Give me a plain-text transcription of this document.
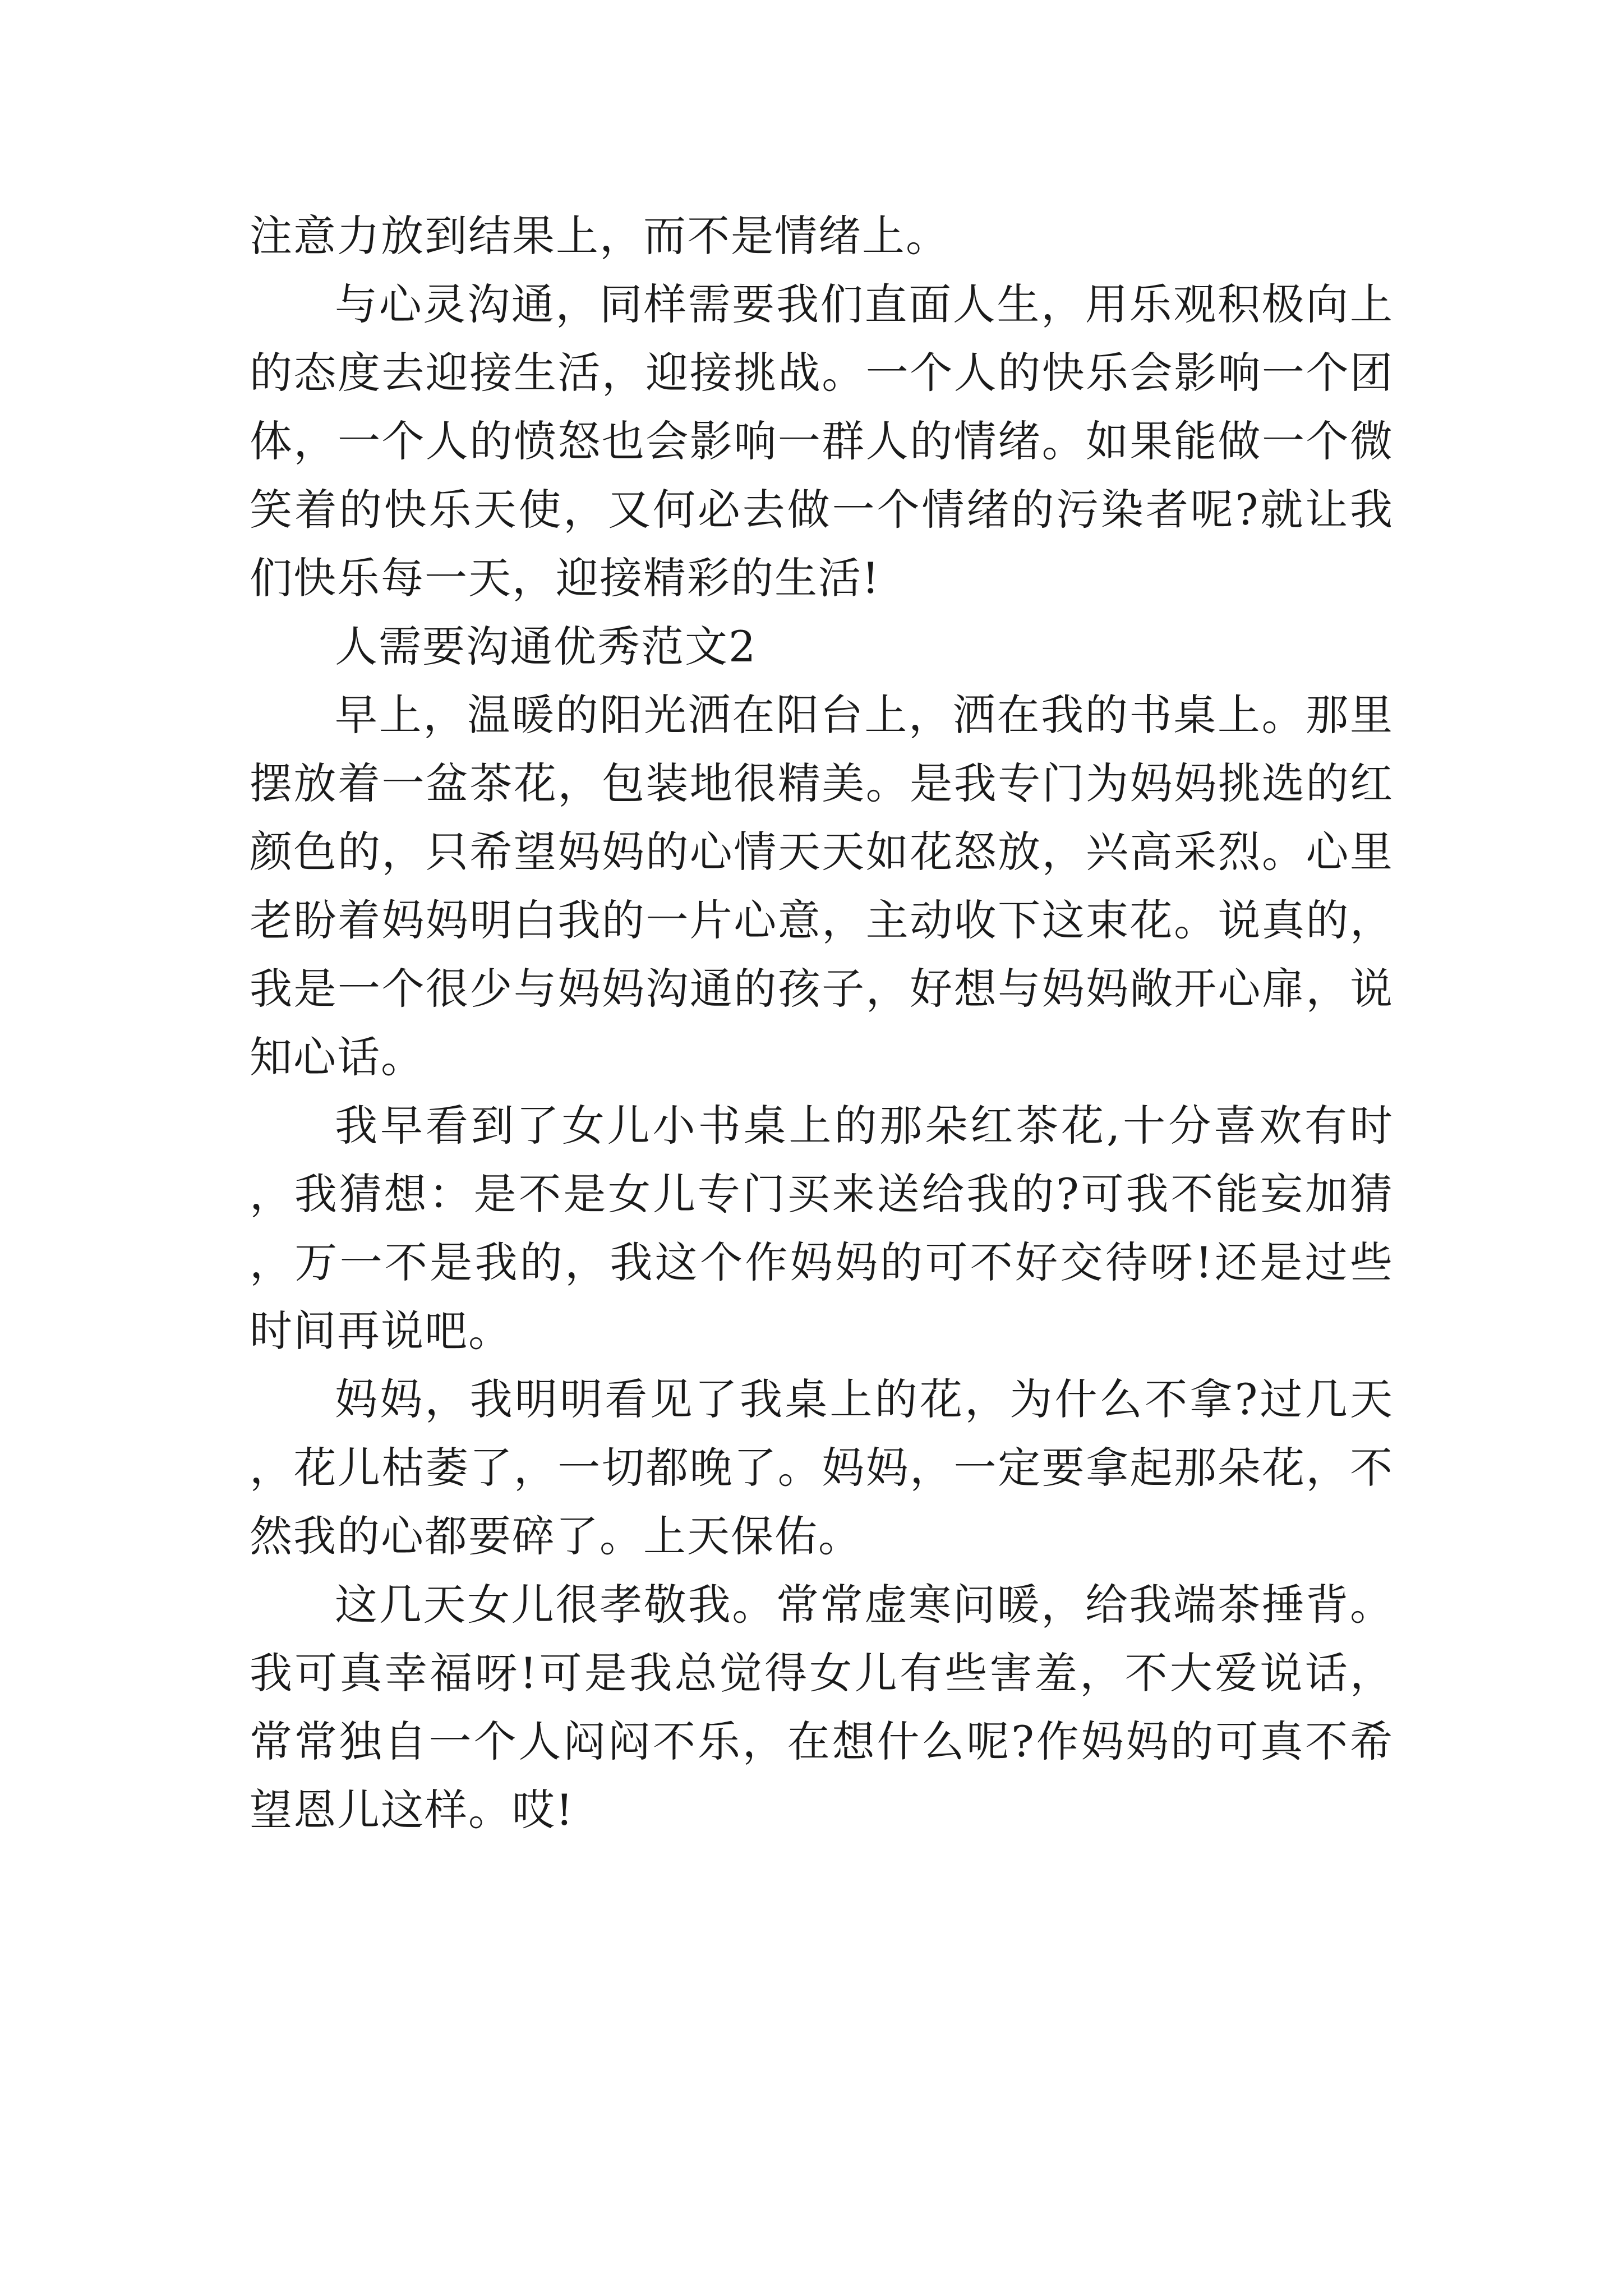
注意力放到结果上，而不是情绪上。

与心灵沟通，同样需要我们直面人生，用乐观积极向上的态度去迎接生活，迎接挑战。一个人的快乐会影响一个团体，一个人的愤怒也会影响一群人的情绪。如果能做一个微笑着的快乐天使，又何必去做一个情绪的污染者呢?就让我们快乐每一天，迎接精彩的生活!

人需要沟通优秀范文2

早上，温暖的阳光洒在阳台上，洒在我的书桌上。那里摆放着一盆茶花，包装地很精美。是我专门为妈妈挑选的红颜色的，只希望妈妈的心情天天如花怒放，兴高采烈。心里老盼着妈妈明白我的一片心意，主动收下这束花。说真的，我是一个很少与妈妈沟通的孩子，好想与妈妈敞开心扉，说知心话。

我早看到了女儿小书桌上的那朵红茶花,十分喜欢有时，我猜想：是不是女儿专门买来送给我的?可我不能妄加猜，万一不是我的，我这个作妈妈的可不好交待呀!还是过些时间再说吧。

妈妈，我明明看见了我桌上的花，为什么不拿?过几天，花儿枯萎了，一切都晚了。妈妈，一定要拿起那朵花，不然我的心都要碎了。上天保佑。

这几天女儿很孝敬我。常常虚寒问暖，给我端茶捶背。我可真幸福呀!可是我总觉得女儿有些害羞，不大爱说话，常常独自一个人闷闷不乐，在想什么呢?作妈妈的可真不希望恩儿这样。哎!
